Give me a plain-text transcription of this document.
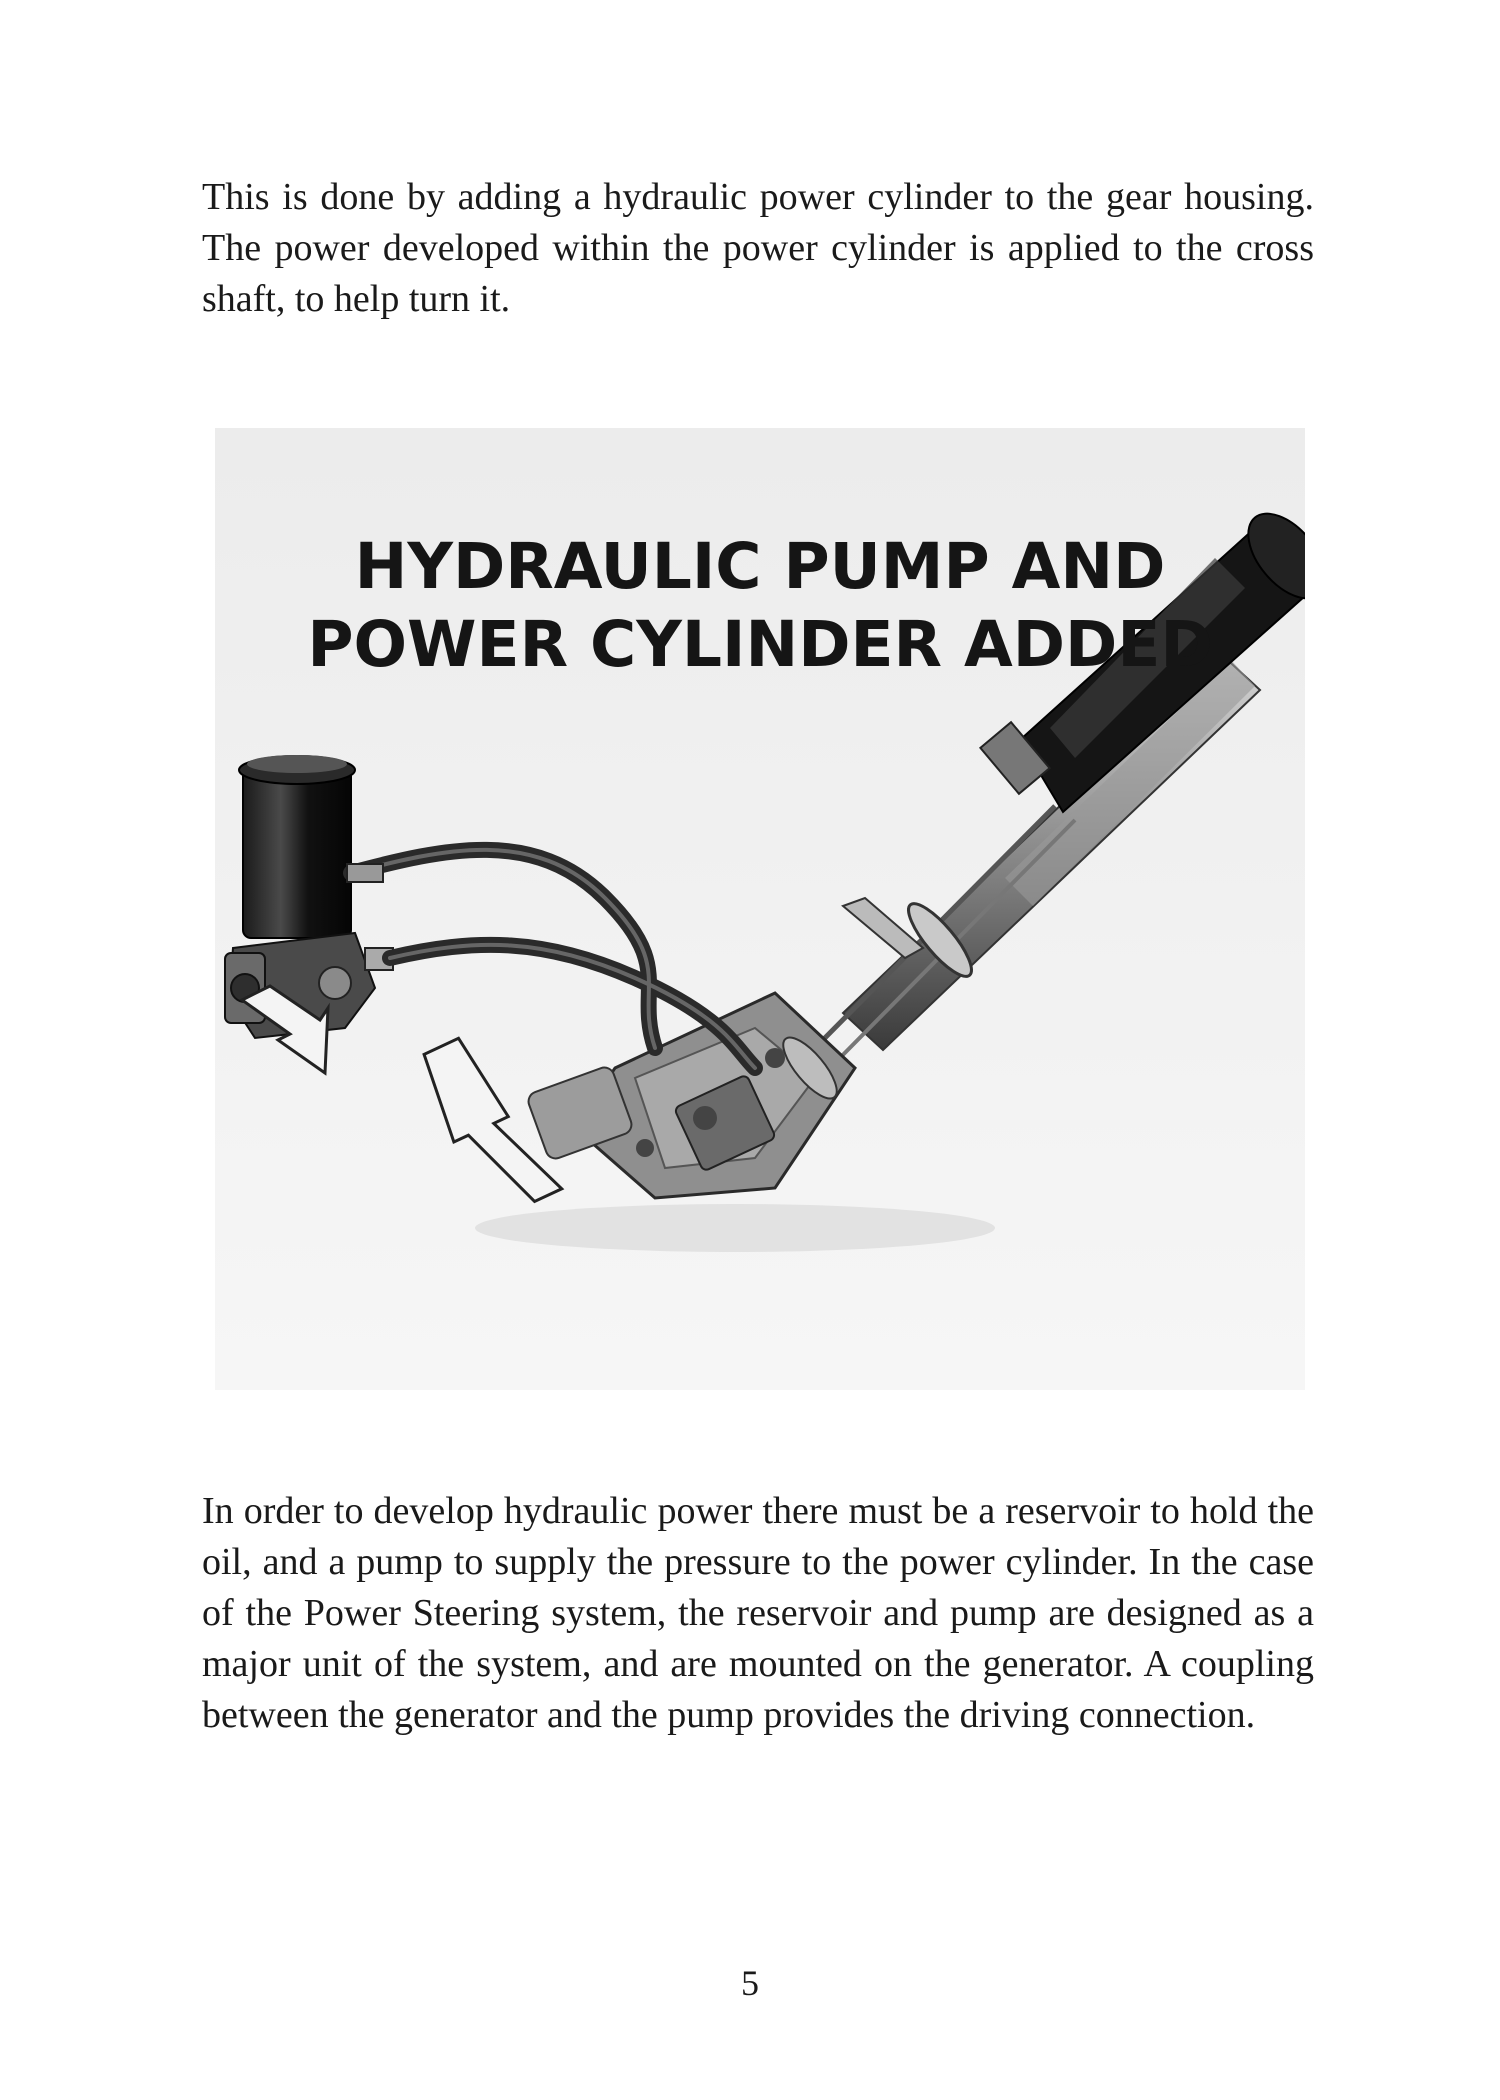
This is done by adding a hydraulic power cylinder to the gear housing. The power developed within the power cylinder is applied to the cross shaft, to help turn it.

HYDRAULIC PUMP AND

POWER CYLINDER ADDED

In order to develop hydraulic power there must be a reservoir to hold the oil, and a pump to supply the pressure to the power cylinder. In the case of the Power Steering system, the reservoir and pump are designed as a major unit of the system, and are mounted on the generator. A coupling between the generator and the pump provides the driving connection.

5
